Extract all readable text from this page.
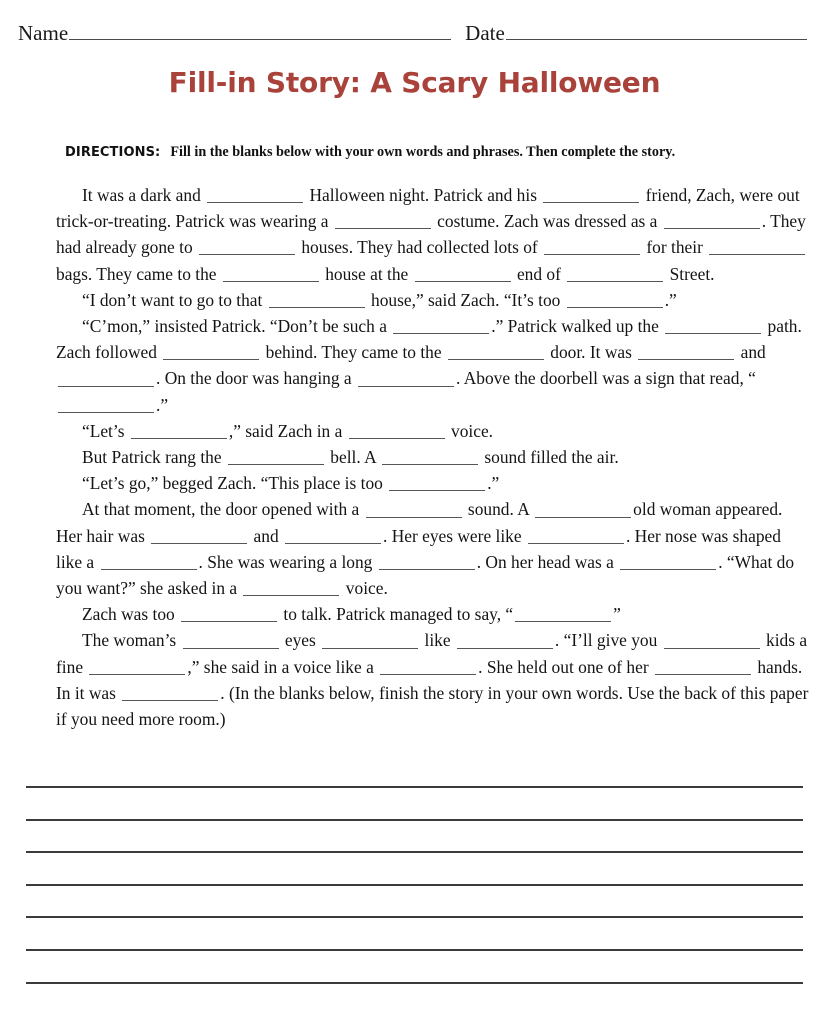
Name	Date
Fill-in Story: A Scary Halloween
DIRECTIONS: Fill in the blanks below with your own words and phrases. Then complete the story.

It was a dark and	Halloween night. Patrick and his	friend, Zach, were out trick-or-treating. Patrick was wearing a	costume. Zach was dressed as a	. They had already gone to	houses. They had collected lots of	for their  bags. They came to the	house at the	end of	Street.

“I don’t want to go to that	house,” said Zach. “It’s too	.”

“C’mon,” insisted Patrick. “Don’t be such a	.” Patrick walked up the	path. Zach followed	behind. They came to the	door. It was	and . On the door was hanging a	. Above the doorbell was a sign that read, “.”

“Let’s	,” said Zach in a	voice.

But Patrick rang the	bell. A	sound filled the air.

“Let’s go,” begged Zach. “This place is too	.”

At that moment, the door opened with a	sound. A	old woman appeared. Her hair was	and	. Her eyes were like	. Her nose was shaped like a	. She was wearing a long	. On her head was a	. “What do you want?” she asked in a	voice.

Zach was too	to talk. Patrick managed to say, “	”

The woman’s	eyes	like	. “I’ll give you	kids a fine	,” she said in a voice like a	. She held out one of her	hands. In it was	. (In the blanks below, finish the story in your own words. Use the back of this paper if you need more room.)
